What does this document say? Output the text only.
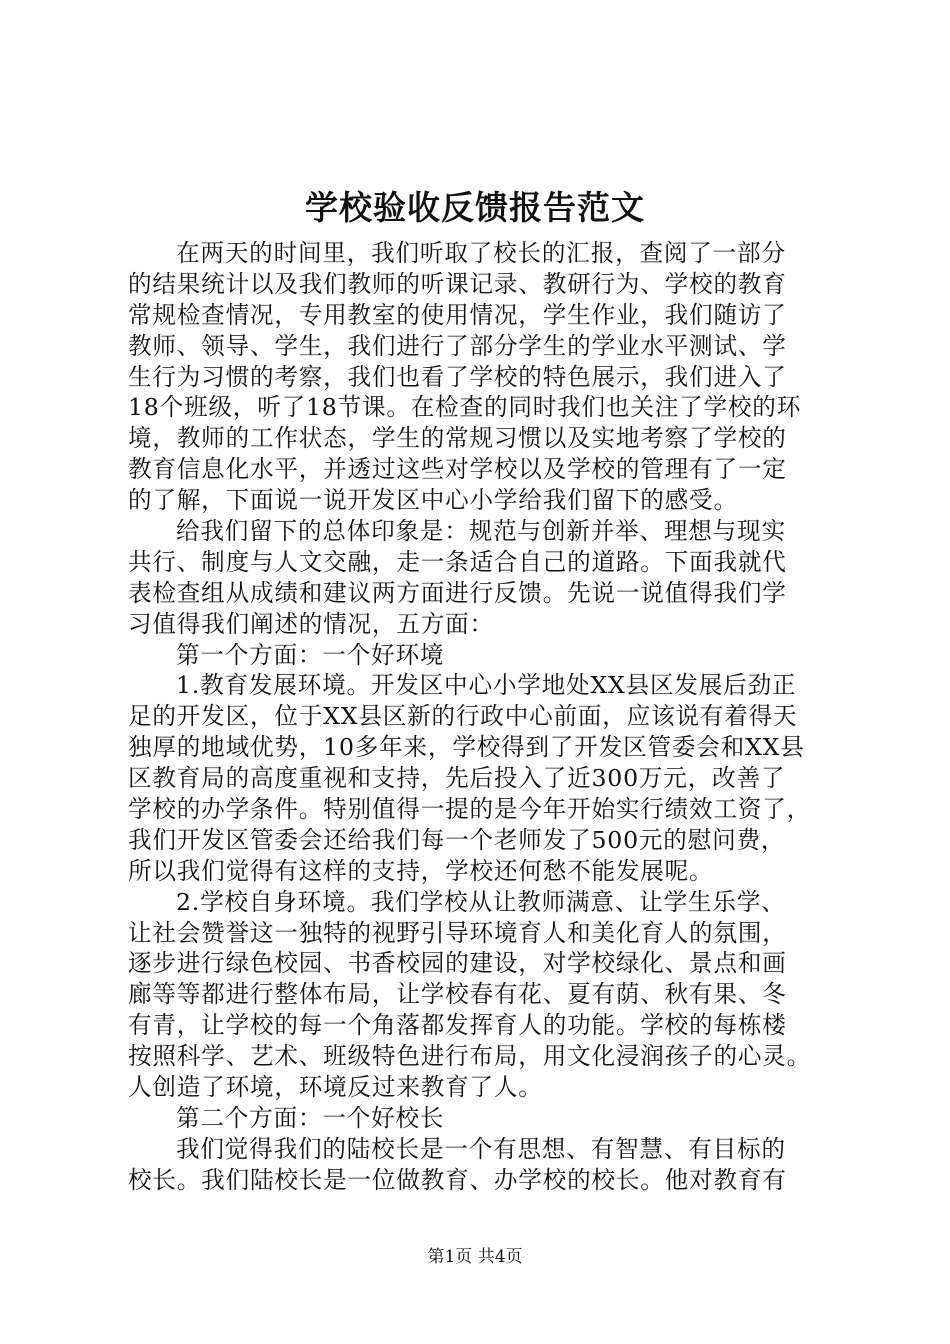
学校验收反馈报告范文
在两天的时间里，我们听取了校长的汇报，查阅了一部分
的结果统计以及我们教师的听课记录、教研行为、学校的教育
常规检查情况，专用教室的使用情况，学生作业，我们随访了
教师、领导、学生，我们进行了部分学生的学业水平测试、学
生行为习惯的考察，我们也看了学校的特色展示，我们进入了
18个班级，听了18节课。在检查的同时我们也关注了学校的环
境，教师的工作状态，学生的常规习惯以及实地考察了学校的
教育信息化水平，并透过这些对学校以及学校的管理有了一定
的了解，下面说一说开发区中心小学给我们留下的感受。
给我们留下的总体印象是：规范与创新并举、理想与现实
共行、制度与人文交融，走一条适合自己的道路。下面我就代
表检查组从成绩和建议两方面进行反馈。先说一说值得我们学
习值得我们阐述的情况，五方面：
第一个方面：一个好环境
1.教育发展环境。开发区中心小学地处XX县区发展后劲正
足的开发区，位于XX县区新的行政中心前面，应该说有着得天
独厚的地域优势，10多年来，学校得到了开发区管委会和XX县
区教育局的高度重视和支持，先后投入了近300万元，改善了
学校的办学条件。特别值得一提的是今年开始实行绩效工资了，
我们开发区管委会还给我们每一个老师发了500元的慰问费，
所以我们觉得有这样的支持，学校还何愁不能发展呢。
2.学校自身环境。我们学校从让教师满意、让学生乐学、
让社会赞誉这一独特的视野引导环境育人和美化育人的氛围，
逐步进行绿色校园、书香校园的建设，对学校绿化、景点和画
廊等等都进行整体布局，让学校春有花、夏有荫、秋有果、冬
有青，让学校的每一个角落都发挥育人的功能。学校的每栋楼
按照科学、艺术、班级特色进行布局，用文化浸润孩子的心灵。
人创造了环境，环境反过来教育了人。
第二个方面：一个好校长
我们觉得我们的陆校长是一个有思想、有智慧、有目标的
校长。我们陆校长是一位做教育、办学校的校长。他对教育有
第1页 共4页
